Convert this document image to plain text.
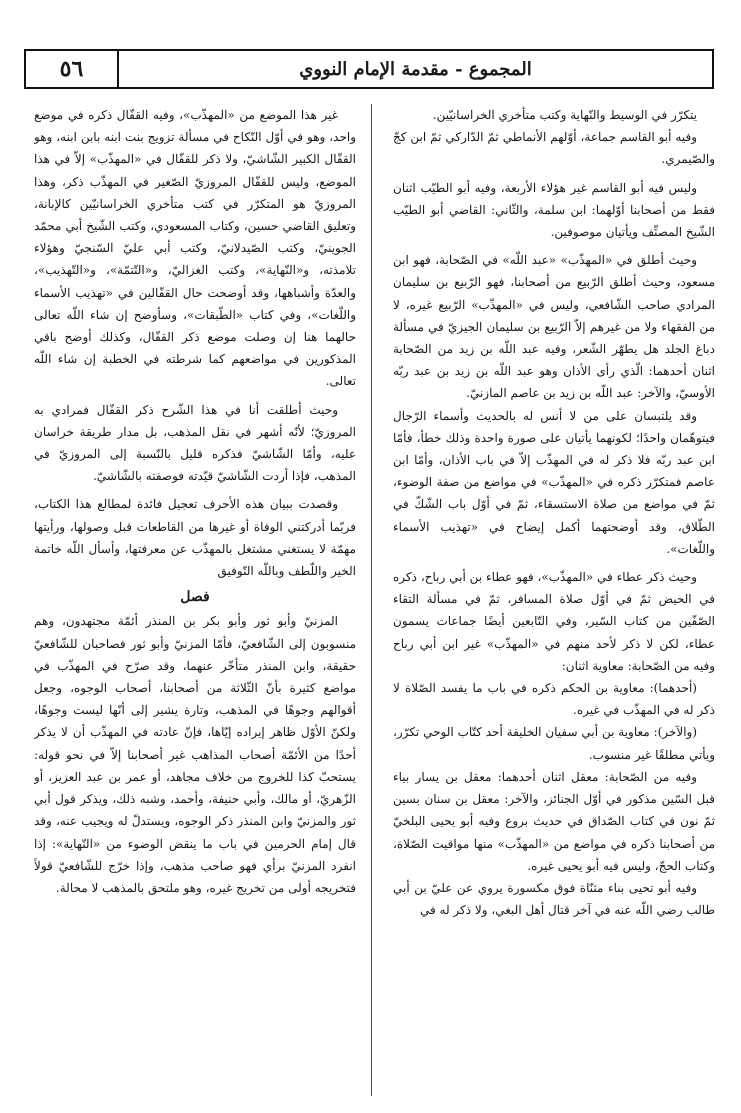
٥٦	المجموع - مقدمة الإمام النووي

يتكرّر في الوسيط والنّهاية وكتب متأخري الخراسانيّين.

وفيه أبو القاسم جماعة، أوّلهم الأنماطي ثمّ الدّاركي ثمّ ابن كجّ والصّيمري.

وليس فيه أبو القاسم غير هؤلاء الأربعة، وفيه أبو الطيّب اثنان فقط من أصحابنا أوّلهما: ابن سلمة، والثّاني: القاضي أبو الطيّب الشّيخ المصنِّف ويأتيان موصوفين.

وحيث أطلق في «المهذّب» «عبد اللّه» في الصّحابة، فهو ابن مسعود، وحيث أطلق الرّبيع من أصحابنا، فهو الرّبيع بن سليمان المرادي صاحب الشّافعي، وليس في «المهذّب» الرّبيع غيره، لا من الفقهاء ولا من غيرهم إلاّ الرّبيع بن سليمان الجيزيّ في مسألة دباغ الجلد هل يطهّر الشّعر، وفيه عبد اللّه بن زيد من الصّحابة اثنان أحدهما: الّذي رأى الأذان وهو عبد اللّه بن زيد بن عبد ربّه الأوسيّ، والآخر: عبد اللّه بن زيد بن عاصم المازنيّ.

وقد يلتبسان على من لا أنس له بالحديث وأسماء الرّجال فيتوهّمان واحدًا؛ لكونهما يأتيان على صورة واحدة وذلك خطأ، فأمّا ابن عبد ربّه فلا ذكر له في المهذّب إلاّ في باب الأذان، وأمّا ابن عاصم فمتكرّر ذكره في «المهذّب» في مواضع من صفة الوضوء، ثمّ في مواضع من صلاة الاستسقاء، ثمّ في أوّل باب الشّكّ في الطّلاق، وقد أوضحتهما أكمل إيضاح في «تهذيب الأسماء واللّغات».

وحيث ذكر عطاء في «المهذّب»، فهو عطاء بن أبي رباح، ذكره في الحيض ثمّ في أوّل صلاة المسافر، ثمّ في مسألة التقاء الصّفّين من كتاب السّير، وفي التّابعين أيضًا جماعات يسمون عطاء، لكن لا ذكر لأحد منهم في «المهذّب» غير ابن أبي رباح وفيه من الصّحابة: معاوية اثنان:

(أحدهما): معاوية بن الحكم ذكره في باب ما يفسد الصّلاة لا ذكر له في المهذّب في غيره.

(والآخر): معاوية بن أبي سفيان الخليفة أحد كتّاب الوحي تكرّر، ويأتي مطلقًا غير منسوب.

وفيه من الصّحابة: معقل اثنان أحدهما: معقل بن يسار بياء قبل السّين مذكور في أوّل الجنائز، والآخر: معقل بن سنان بسين ثمّ نون في كتاب الصّداق في حديث بروع وفيه أبو يحيى البلخيّ من أصحابنا ذكره في مواضع من «المهذّب» منها مواقيت الصّلاة، وكتاب الحجّ، وليس فيه أبو يحيى غيره.

وفيه أبو تحيى بناء مثنّاة فوق مكسورة يروي عن عليّ بن أبي طالب رضي اللّه عنه في آخر قتال أهل البغي، ولا ذكر له في

غير هذا الموضع من «المهذّب»، وفيه القفّال ذكره في موضع واحد، وهو في أوّل النّكاح في مسألة تزويج بنت ابنه بابن ابنه، وهو القفّال الكبير الشّاشيّ، ولا ذكر للقفّال في «المهذّب» إلاّ في هذا الموضع، وليس للقفّال المروزيّ الصّغير في المهذّب ذكر، وهذا المروزيّ هو المتكرّر في كتب متأخري الخراسانيّين كالإبانة، وتعليق القاضي حسين، وكتاب المسعودي، وكتب الشّيخ أبي محمّد الجوينيّ، وكتب الصّيدلانيّ، وكتب أبي عليّ السّنجيّ وهؤلاء تلامذته، و«النّهاية»، وكتب الغزاليّ، و«التّتمّة»، و«التّهذيب»، والعدّة وأشباهها، وقد أوضحت حال القفّالين في «تهذيب الأسماء واللّغات»، وفي كتاب «الطّبقات»، وسأوضح إن شاء اللّه تعالى حالهما هنا إن وصلت موضع ذكر القفّال، وكذلك أوضح باقي المذكورين في مواضعهم كما شرطته في الخطبة إن شاء اللّه تعالى.

وحيث أطلقت أنا في هذا الشّرح ذكر القفّال فمرادي به المروزيّ؛ لأنّه أشهر في نقل المذهب، بل مدار طريقة خراسان عليه، وأمّا الشّاشيّ فذكره قليل بالنّسبة إلى المروزيّ في المذهب، فإذا أردت الشّاشيّ قيّدته فوصفته بالشّاشيّ.

وقصدت ببيان هذه الأحرف تعجيل فائدة لمطالع هذا الكتاب، فربّما أدركتني الوفاة أو غيرها من القاطعات قبل وصولها، ورأيتها مهمّة لا يستغني مشتغل بالمهذّب عن معرفتها، وأسأل اللّه خاتمة الخير واللّطف وباللّه التّوفيق

فصل

المزنيّ وأبو ثور وأبو بكر بن المنذر أئمّة مجتهدون، وهم منسوبون إلى الشّافعيّ، فأمّا المزنيّ وأبو ثور فصاحبان للشّافعيّ حقيقة، وابن المنذر متأخّر عنهما، وقد صرّح في المهذّب في مواضع كثيرة بأنّ الثّلاثة من أصحابنا، أصحاب الوجوه، وجعل أقوالهم وجوهًا في المذهب، وتارة يشير إلى أنّها ليست وجوهًا، ولكنّ الأوّل ظاهر إيراده إيّاها، فإنّ عادته في المهذّب أن لا يذكر أحدًا من الأئمّة أصحاب المذاهب غير أصحابنا إلاّ في نحو قوله: يستحبّ كذا للخروج من خلاف مجاهد، أو عمر بن عبد العزيز، أو الزّهريّ، أو مالك، وأبي حنيفة، وأحمد، وشبه ذلك، ويذكر قول أبي ثور والمزنيّ وابن المنذر ذكر الوجوه، ويستدلّ له ويجيب عنه، وقد قال إمام الحرمين في باب ما ينقض الوضوء من «النّهاية»: إذا انفرد المزنيّ برأي فهو صاحب مذهب، وإذا خرّج للشّافعيّ قولاً فتخريجه أولى من تخريج غيره، وهو ملتحق بالمذهب لا محالة.
